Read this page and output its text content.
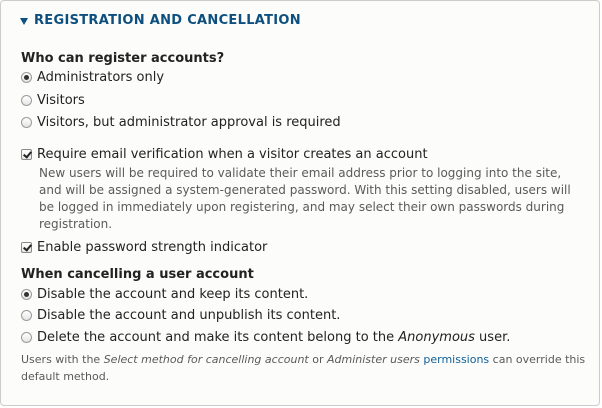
REGISTRATION AND CANCELLATION
Who can register accounts?
Administrators only
Visitors
Visitors, but administrator approval is required
Require email verification when a visitor creates an account
New users will be required to validate their email address prior to logging into the site, and will be assigned a system-generated password. With this setting disabled, users will be logged in immediately upon registering, and may select their own passwords during registration.
Enable password strength indicator
When cancelling a user account
Disable the account and keep its content.
Disable the account and unpublish its content.
Delete the account and make its content belong to the Anonymous user.
Users with the Select method for cancelling account or Administer users permissions can override this default method.
